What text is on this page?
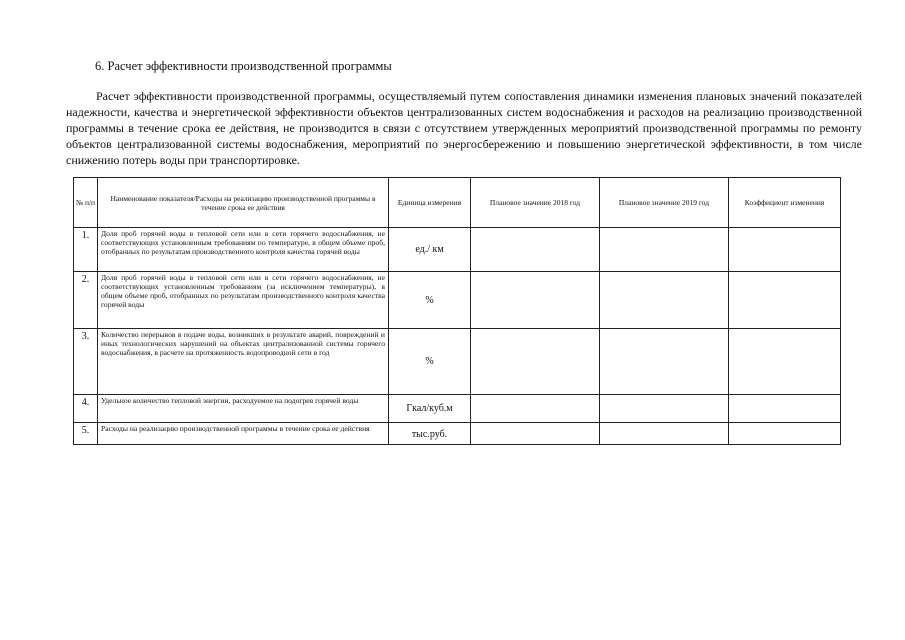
6. Расчет эффективности производственной программы
Расчет эффективности производственной программы, осуществляемый путем сопоставления динамики изменения плановых значений показателей надежности, качества и энергетической эффективности объектов централизованных систем водоснабжения и расходов на реализацию производственной программы в течение срока ее действия, не производится в связи с отсутствием утвержденных мероприятий производственной программы по ремонту объектов централизованной системы водоснабжения, мероприятий по энергосбережению и повышению энергетической эффективности, в том числе снижению потерь воды при транспортировке.
№ п/п	Наименование показателя/Расходы на реализацию производственной программы в течение срока ее действия	Единица измерения	Плановое значение 2018 год	Плановое значение 2019 год	Коэффициент изменения
1.	Доля проб горячей воды в тепловой сети или в сети горячего водоснабжения, не соответствующих установленным требованиям по температуре, в общем объеме проб, отобранных по результатам производственного контроля качества горячей воды	ед./ км			
2.	Доля проб горячей воды в тепловой сети или в сети горячего водоснабжения, не соответствующих установленным требованиям (за исключением температуры), в общем объеме проб, отобранных по результатам производственного контроля качества горячей воды	%			
3.	Количество перерывов в подаче воды, возникших в результате аварий, повреждений и иных технологических нарушений на объектах централизованной системы горячего водоснабжения, в расчете на протяженность водопроводной сети в год	%			
4.	Удельное количество тепловой энергии, расходуемое на подогрев горячей воды	Гкал/куб.м			
5.	Расходы на реализацию производственной программы в течение срока ее действия	тыс.руб.			
